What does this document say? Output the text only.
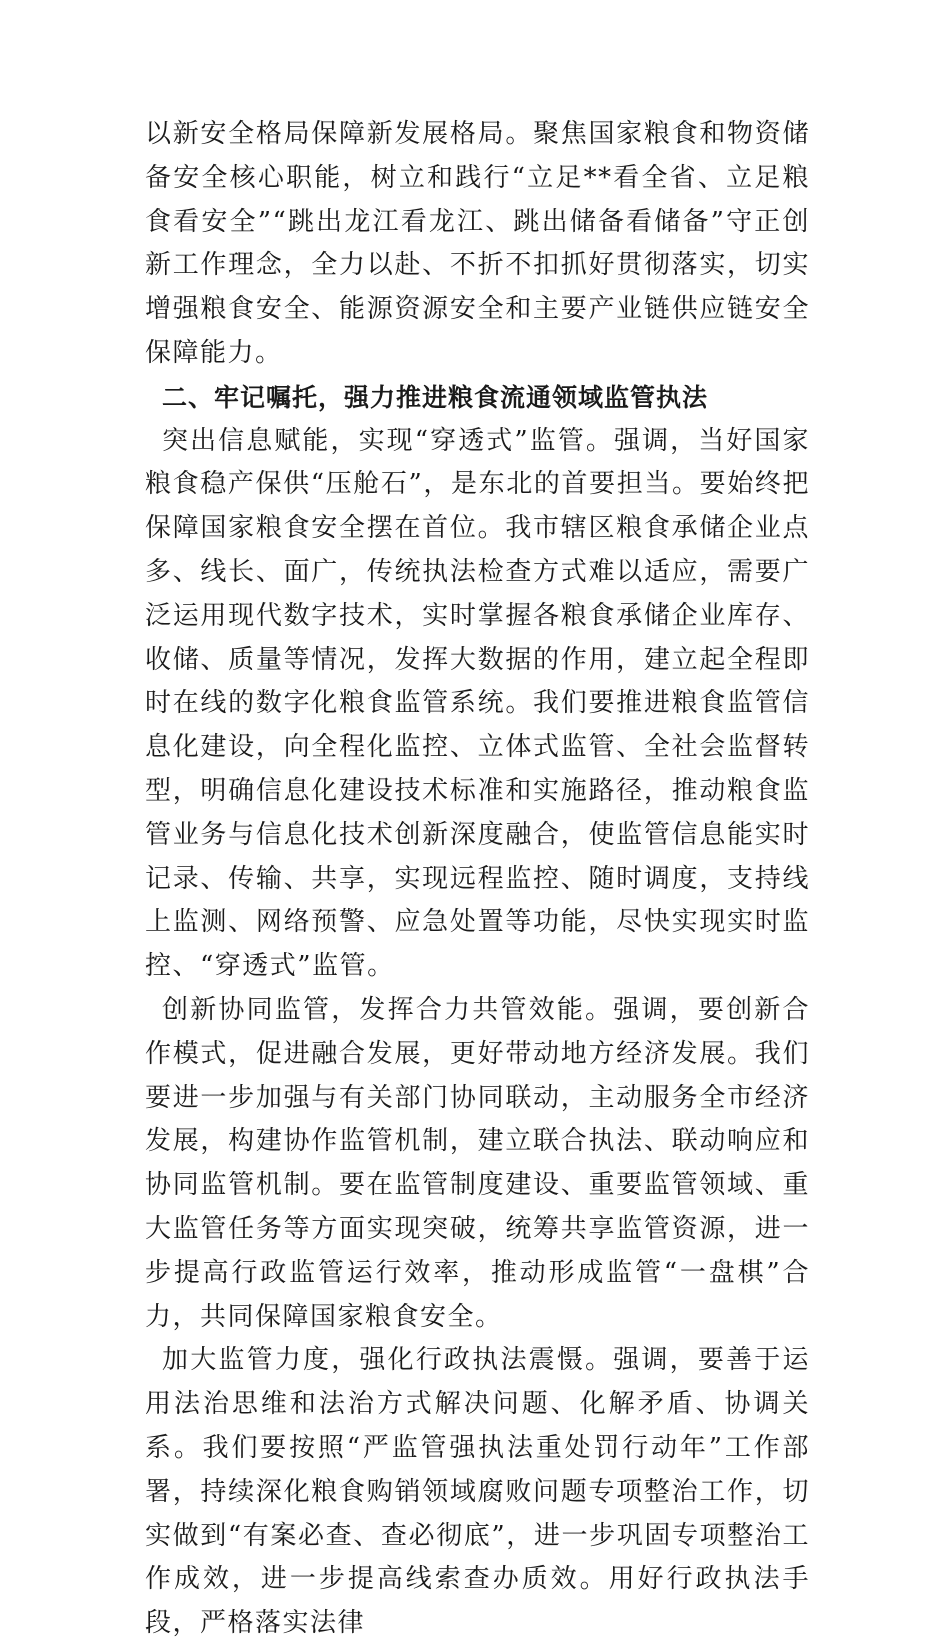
以新安全格局保障新发展格局。聚焦国家粮食和物资储备安全核心职能，树立和践行“立足**看全省、立足粮食看安全”“跳出龙江看龙江、跳出储备看储备”守正创新工作理念，全力以赴、不折不扣抓好贯彻落实，切实增强粮食安全、能源资源安全和主要产业链供应链安全保障能力。

二、牢记嘱托，强力推进粮食流通领域监管执法

突出信息赋能，实现“穿透式”监管。强调，当好国家粮食稳产保供“压舱石”，是东北的首要担当。要始终把保障国家粮食安全摆在首位。我市辖区粮食承储企业点多、线长、面广，传统执法检查方式难以适应，需要广泛运用现代数字技术，实时掌握各粮食承储企业库存、收储、质量等情况，发挥大数据的作用，建立起全程即时在线的数字化粮食监管系统。我们要推进粮食监管信息化建设，向全程化监控、立体式监管、全社会监督转型，明确信息化建设技术标准和实施路径，推动粮食监管业务与信息化技术创新深度融合，使监管信息能实时记录、传输、共享，实现远程监控、随时调度，支持线上监测、网络预警、应急处置等功能，尽快实现实时监控、“穿透式”监管。

创新协同监管，发挥合力共管效能。强调，要创新合作模式，促进融合发展，更好带动地方经济发展。我们要进一步加强与有关部门协同联动，主动服务全市经济发展，构建协作监管机制，建立联合执法、联动响应和协同监管机制。要在监管制度建设、重要监管领域、重大监管任务等方面实现突破，统筹共享监管资源，进一步提高行政监管运行效率，推动形成监管“一盘棋”合力，共同保障国家粮食安全。

加大监管力度，强化行政执法震慑。强调，要善于运用法治思维和法治方式解决问题、化解矛盾、协调关系。我们要按照“严监管强执法重处罚行动年”工作部署，持续深化粮食购销领域腐败问题专项整治工作，切实做到“有案必查、查必彻底”，进一步巩固专项整治工作成效，进一步提高线索查办质效。用好行政执法手段，严格落实法律
